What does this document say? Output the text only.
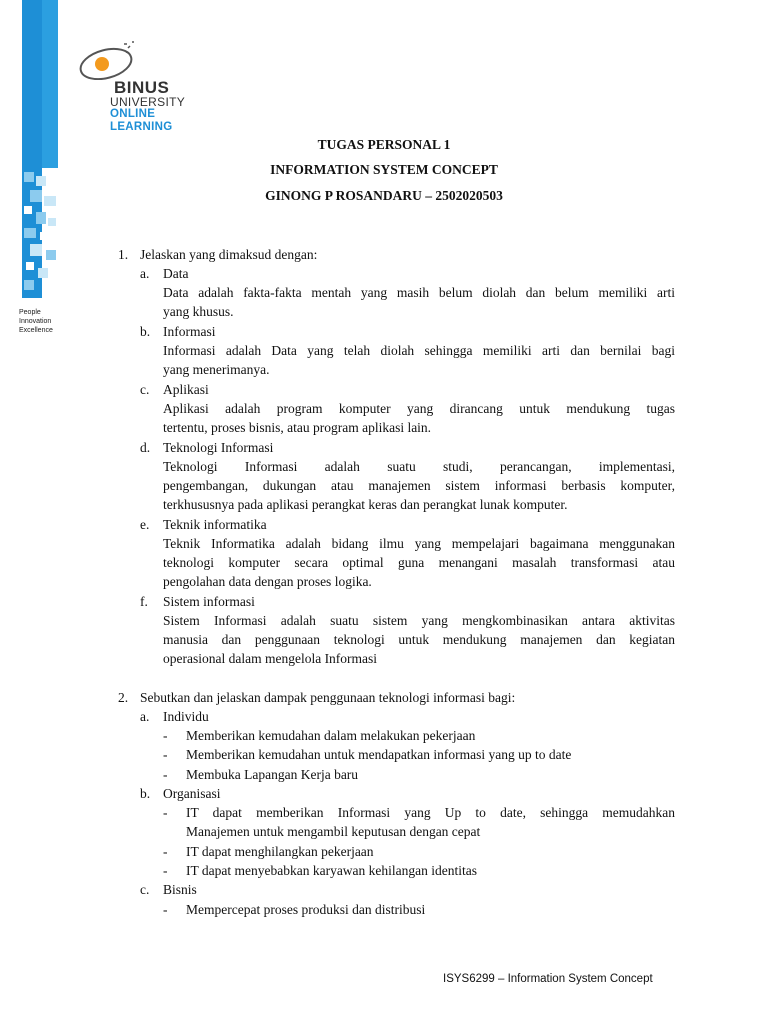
People
Innovation
Excellence
BINUS
UNIVERSITY
ONLINE
LEARNING
TUGAS PERSONAL 1
INFORMATION SYSTEM CONCEPT
GINONG P ROSANDARU – 2502020503
1. Jelaskan yang dimaksud dengan:
a. Data
Data adalah fakta-fakta mentah yang masih belum diolah dan belum memiliki arti
yang khusus.
b. Informasi
Informasi adalah Data yang telah diolah sehingga memiliki arti dan bernilai bagi
yang menerimanya.
c. Aplikasi
Aplikasi adalah program komputer yang dirancang untuk mendukung tugas
tertentu, proses bisnis, atau program aplikasi lain.
d. Teknologi Informasi
Teknologi Informasi adalah suatu studi, perancangan, implementasi,
pengembangan, dukungan atau manajemen sistem informasi berbasis komputer,
terkhususnya pada aplikasi perangkat keras dan perangkat lunak komputer.
e. Teknik informatika
Teknik Informatika adalah bidang ilmu yang mempelajari bagaimana menggunakan
teknologi komputer secara optimal guna menangani masalah transformasi atau
pengolahan data dengan proses logika.
f. Sistem informasi
Sistem Informasi adalah suatu sistem yang mengkombinasikan antara aktivitas
manusia dan penggunaan teknologi untuk mendukung manajemen dan kegiatan
operasional dalam mengelola Informasi
2. Sebutkan dan jelaskan dampak penggunaan teknologi informasi bagi:
a. Individu
- Memberikan kemudahan dalam melakukan pekerjaan
- Memberikan kemudahan untuk mendapatkan informasi yang up to date
- Membuka Lapangan Kerja baru
b. Organisasi
- IT dapat memberikan Informasi yang Up to date, sehingga memudahkan
Manajemen untuk mengambil keputusan dengan cepat
- IT dapat menghilangkan pekerjaan
- IT dapat menyebabkan karyawan kehilangan identitas
c. Bisnis
- Mempercepat proses produksi dan distribusi
ISYS6299 – Information System Concept
